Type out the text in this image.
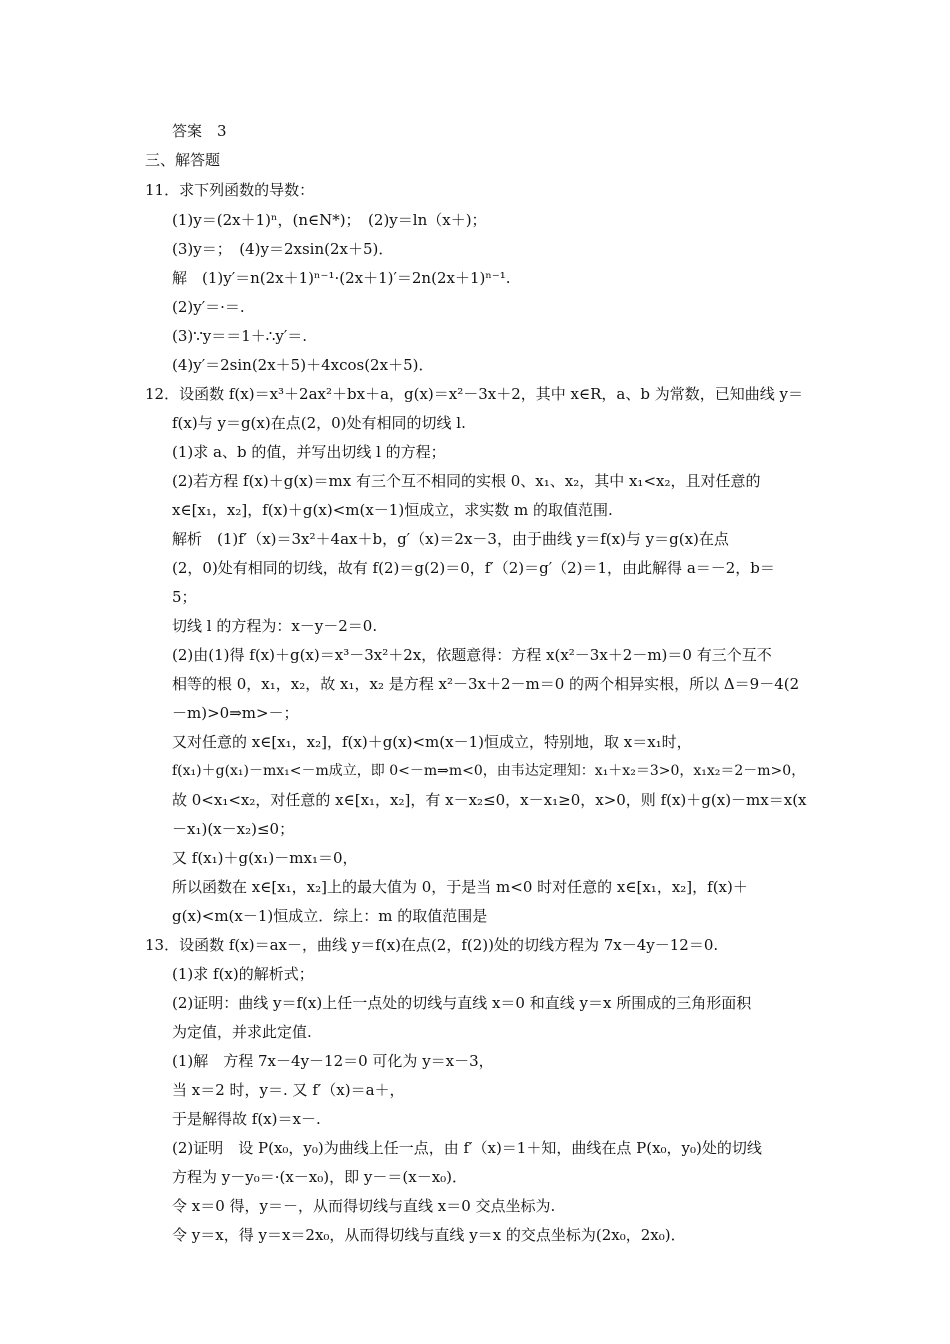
答案　3
三、解答题
11．求下列函数的导数：
(1)y＝(2x＋1)ⁿ，(n∈N*)；　(2)y＝ln（x＋)；
(3)y＝；　(4)y＝2xsin(2x＋5)．
解　(1)y′＝n(2x＋1)ⁿ⁻¹·(2x＋1)′＝2n(2x＋1)ⁿ⁻¹.
(2)y′＝·＝.
(3)∵y＝＝1＋∴y′＝.
(4)y′＝2sin(2x＋5)＋4xcos(2x＋5)．
12．设函数 f(x)＝x³＋2ax²＋bx＋a，g(x)＝x²－3x＋2，其中 x∈R，a、b 为常数，已知曲线 y＝
f(x)与 y＝g(x)在点(2，0)处有相同的切线 l.
(1)求 a、b 的值，并写出切线 l 的方程；
(2)若方程 f(x)＋g(x)＝mx 有三个互不相同的实根 0、x₁、x₂，其中 x₁<x₂，且对任意的
x∈[x₁，x₂]，f(x)＋g(x)<m(x－1)恒成立，求实数 m 的取值范围.
解析　(1)f′（x)＝3x²＋4ax＋b，g′（x)＝2x－3，由于曲线 y＝f(x)与 y＝g(x)在点
(2，0)处有相同的切线，故有 f(2)＝g(2)＝0，f′（2)＝g′（2)＝1，由此解得 a＝－2，b＝
5；
切线 l 的方程为：x－y－2＝0.
(2)由(1)得 f(x)＋g(x)＝x³－3x²＋2x，依题意得：方程 x(x²－3x＋2－m)＝0 有三个互不
相等的根 0，x₁，x₂，故 x₁，x₂ 是方程 x²－3x＋2－m＝0 的两个相异实根，所以 Δ＝9－4(2
－m)>0⇒m>－；
又对任意的 x∈[x₁，x₂]，f(x)＋g(x)<m(x－1)恒成立，特别地，取 x＝x₁时，
f(x₁)＋g(x₁)－mx₁<－m成立，即 0<－m⇒m<0，由韦达定理知：x₁＋x₂＝3>0，x₁x₂＝2－m>0，
故 0<x₁<x₂，对任意的 x∈[x₁，x₂]，有 x－x₂≤0，x－x₁≥0，x>0，则 f(x)＋g(x)－mx＝x(x
－x₁)(x－x₂)≤0；
又 f(x₁)＋g(x₁)－mx₁＝0，
所以函数在 x∈[x₁，x₂]上的最大值为 0，于是当 m<0 时对任意的 x∈[x₁，x₂]，f(x)＋
g(x)<m(x－1)恒成立．综上：m 的取值范围是
13．设函数 f(x)＝ax－，曲线 y＝f(x)在点(2，f(2))处的切线方程为 7x－4y－12＝0.
(1)求 f(x)的解析式；
(2)证明：曲线 y＝f(x)上任一点处的切线与直线 x＝0 和直线 y＝x 所围成的三角形面积
为定值，并求此定值.
(1)解　方程 7x－4y－12＝0 可化为 y＝x－3，
当 x＝2 时，y＝. 又 f′（x)＝a＋，
于是解得故 f(x)＝x－.
(2)证明　设 P(x₀，y₀)为曲线上任一点，由 f′（x)＝1＋知，曲线在点 P(x₀，y₀)处的切线
方程为 y－y₀＝·(x－x₀)，即 y－＝(x－x₀)．
令 x＝0 得，y＝－，从而得切线与直线 x＝0 交点坐标为.
令 y＝x，得 y＝x＝2x₀，从而得切线与直线 y＝x 的交点坐标为(2x₀，2x₀)．
